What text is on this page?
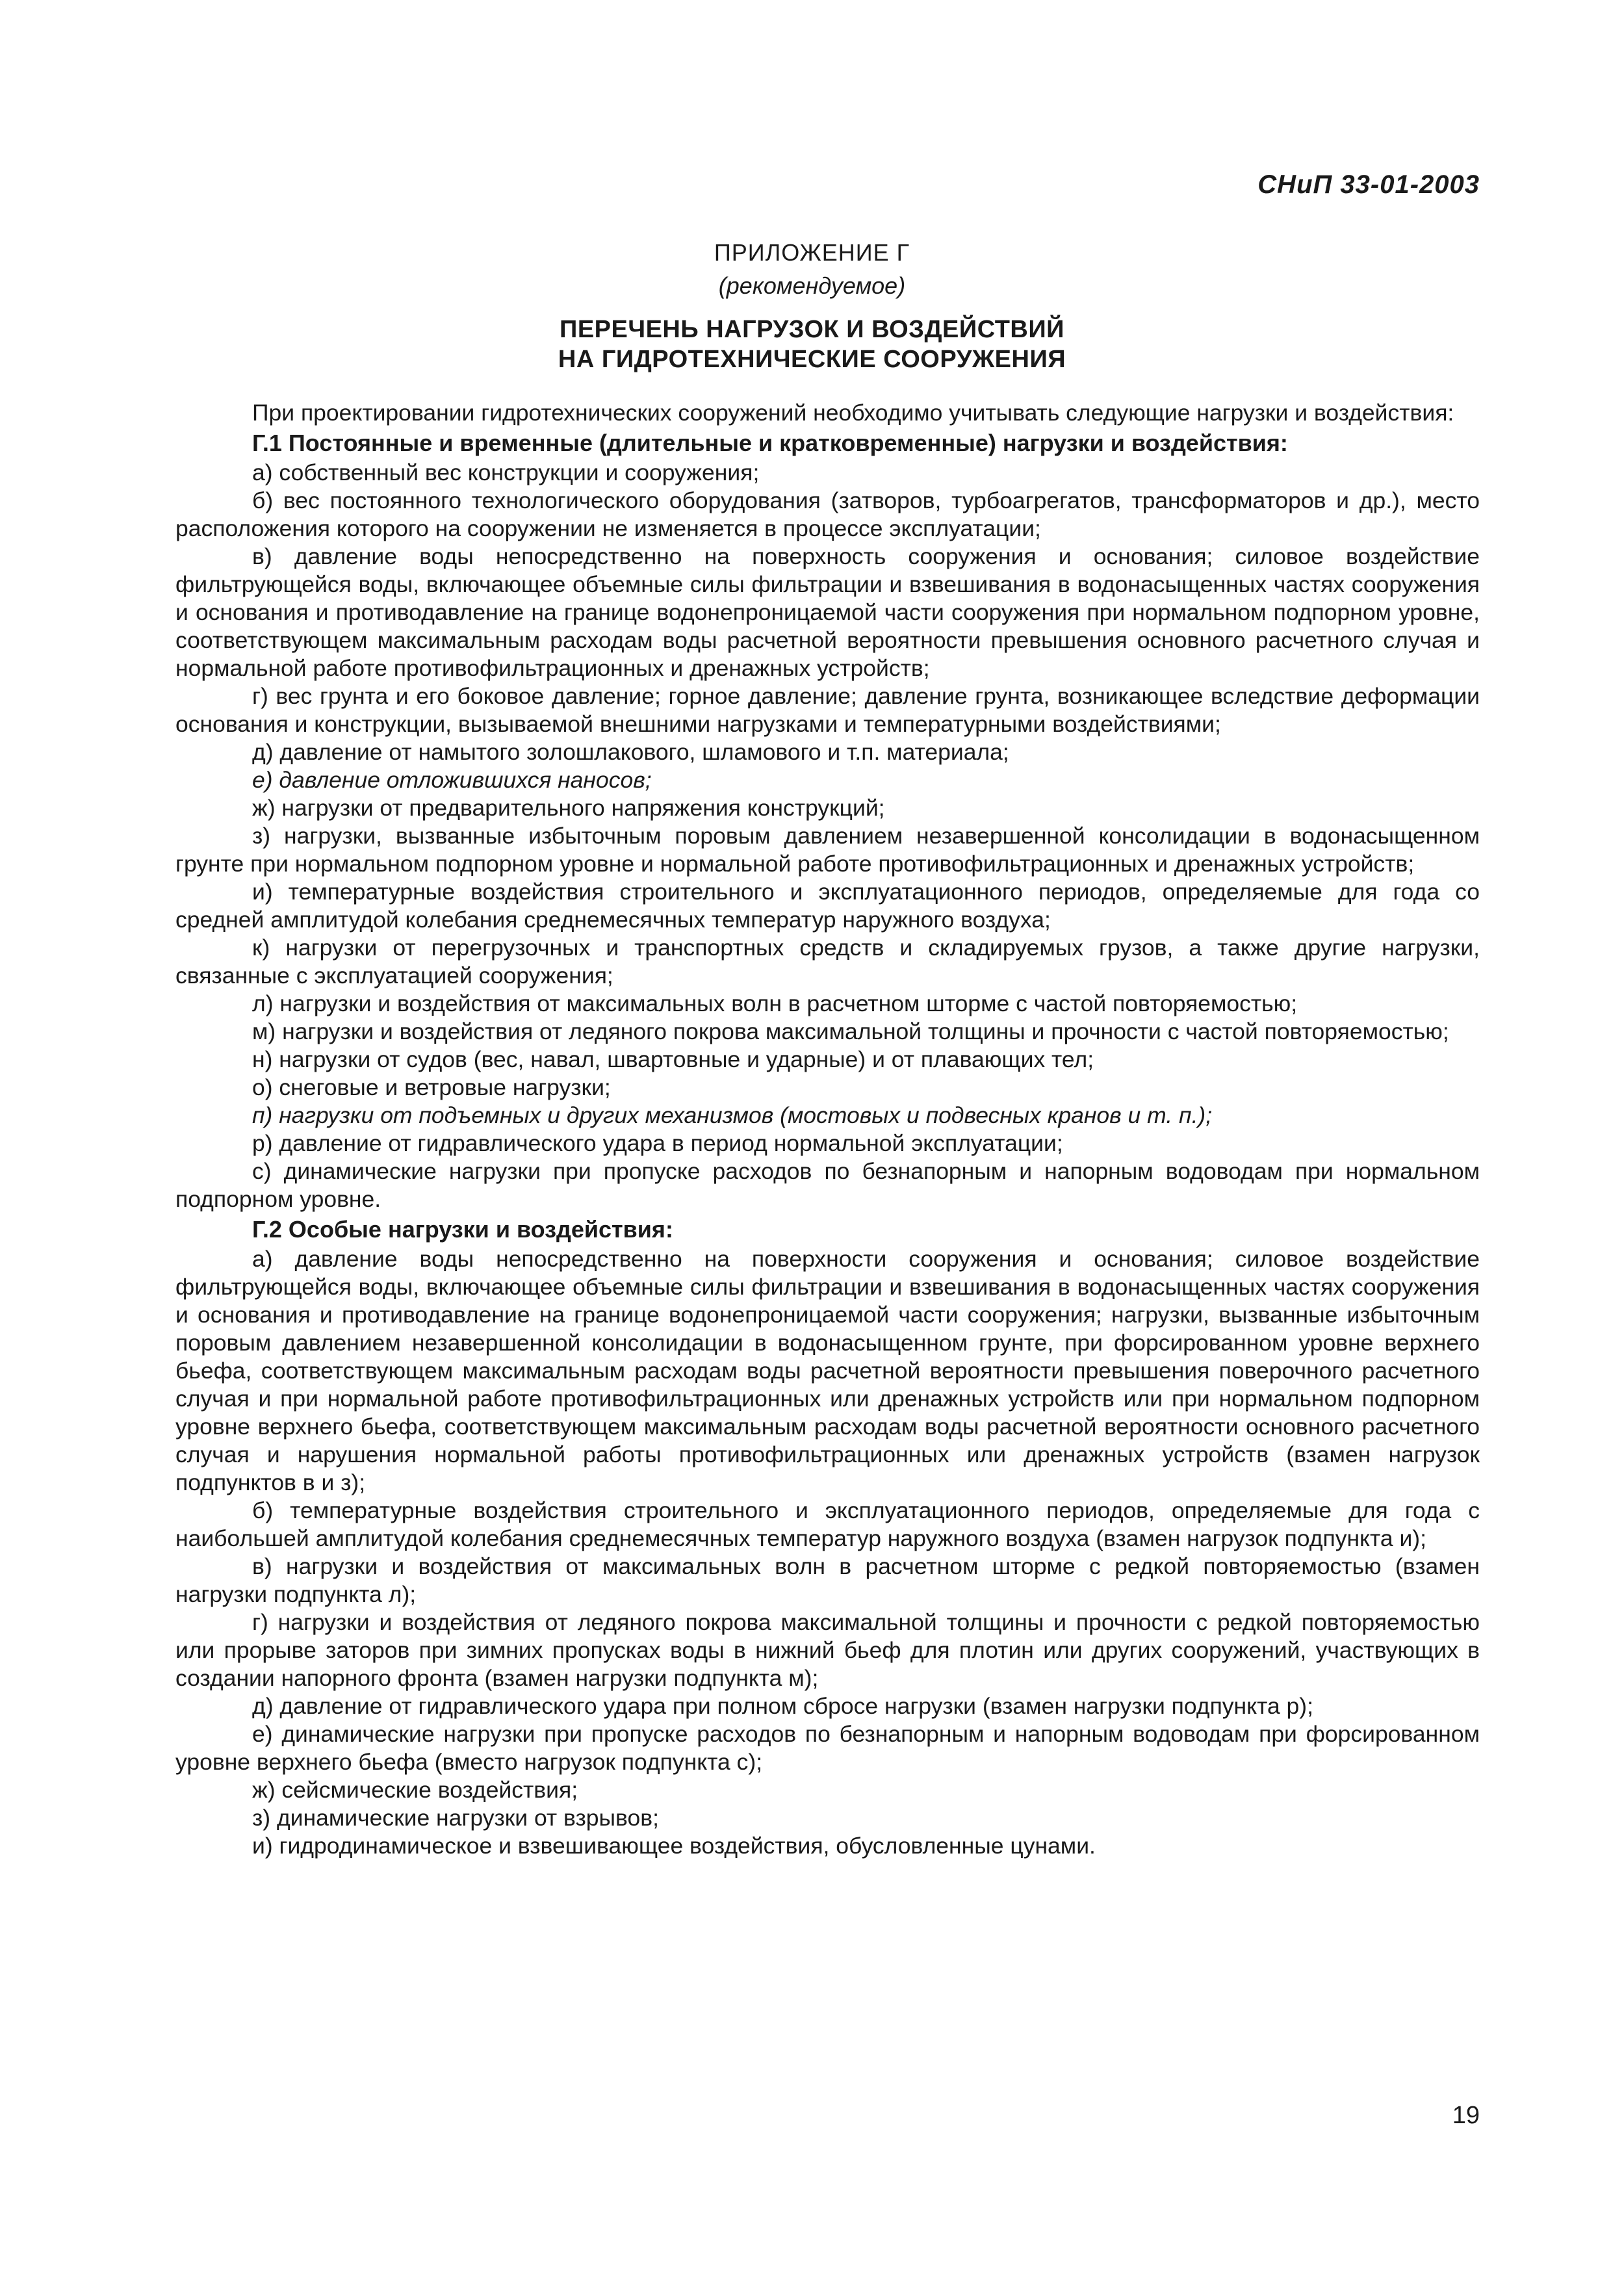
СНиП 33-01-2003
ПРИЛОЖЕНИЕ Г
(рекомендуемое)
ПЕРЕЧЕНЬ НАГРУЗОК И ВОЗДЕЙСТВИЙ
НА ГИДРОТЕХНИЧЕСКИЕ СООРУЖЕНИЯ

При проектировании гидротехнических сооружений необходимо учитывать следующие нагрузки и воздействия:

Г.1 Постоянные и временные (длительные и кратковременные) нагрузки и воздействия:

а) собственный вес конструкции и сооружения;

б) вес постоянного технологического оборудования (затворов, турбоагрегатов, трансформаторов и др.), место расположения которого на сооружении не изменяется в процессе эксплуатации;

в) давление воды непосредственно на поверхность сооружения и основания; силовое воздействие фильтрующейся воды, включающее объемные силы фильтрации и взвешивания в водонасыщенных частях сооружения и основания и противодавление на границе водонепроницаемой части сооружения при нормальном подпорном уровне, соответствующем максимальным расходам воды расчетной вероятности превышения основного расчетного случая и нормальной работе противофильтрационных и дренажных устройств;

г) вес грунта и его боковое давление; горное давление; давление грунта, возникающее вследствие деформации основания и конструкции, вызываемой внешними нагрузками и температурными воздействиями;

д) давление от намытого золошлакового, шламового и т.п. материала;

е) давление отложившихся наносов;

ж) нагрузки от предварительного напряжения конструкций;

з) нагрузки, вызванные избыточным поровым давлением незавершенной консолидации в водонасыщенном грунте при нормальном подпорном уровне и нормальной работе противофильтрационных и дренажных устройств;

и) температурные воздействия строительного и эксплуатационного периодов, определяемые для года со средней амплитудой колебания среднемесячных температур наружного воздуха;

к) нагрузки от перегрузочных и транспортных средств и складируемых грузов, а также другие нагрузки, связанные с эксплуатацией сооружения;

л) нагрузки и воздействия от максимальных волн в расчетном шторме с частой повторяемостью;

м) нагрузки и воздействия от ледяного покрова максимальной толщины и прочности с частой повторяемостью;

н) нагрузки от судов (вес, навал, швартовные и ударные) и от плавающих тел;

о) снеговые и ветровые нагрузки;

п) нагрузки от подъемных и других механизмов (мостовых и подвесных кранов и т. п.);

р) давление от гидравлического удара в период нормальной эксплуатации;

с) динамические нагрузки при пропуске расходов по безнапорным и напорным водоводам при нормальном подпорном уровне.

Г.2 Особые нагрузки и воздействия:

а) давление воды непосредственно на поверхности сооружения и основания; силовое воздействие фильтрующейся воды, включающее объемные силы фильтрации и взвешивания в водонасыщенных частях сооружения и основания и противодавление на границе водонепроницаемой части сооружения; нагрузки, вызванные избыточным поровым давлением незавершенной консолидации в водонасыщенном грунте, при форсированном уровне верхнего бьефа, соответствующем максимальным расходам воды расчетной вероятности превышения поверочного расчетного случая и при нормальной работе противофильтрационных или дренажных устройств или при нормальном подпорном уровне верхнего бьефа, соответствующем максимальным расходам воды расчетной вероятности основного расчетного случая и нарушения нормальной работы противофильтрационных или дренажных устройств (взамен нагрузок подпунктов в и з);

б) температурные воздействия строительного и эксплуатационного периодов, определяемые для года с наибольшей амплитудой колебания среднемесячных температур наружного воздуха (взамен нагрузок подпункта и);

в) нагрузки и воздействия от максимальных волн в расчетном шторме с редкой повторяемостью (взамен нагрузки подпункта л);

г) нагрузки и воздействия от ледяного покрова максимальной толщины и прочности с редкой повторяемостью или прорыве заторов при зимних пропусках воды в нижний бьеф для плотин или других сооружений, участвующих в создании напорного фронта (взамен нагрузки подпункта м);

д) давление от гидравлического удара при полном сбросе нагрузки (взамен нагрузки подпункта р);

е) динамические нагрузки при пропуске расходов по безнапорным и напорным водоводам при форсированном уровне верхнего бьефа (вместо нагрузок подпункта с);

ж) сейсмические воздействия;

з) динамические нагрузки от взрывов;

и) гидродинамическое и взвешивающее воздействия, обусловленные цунами.

19
